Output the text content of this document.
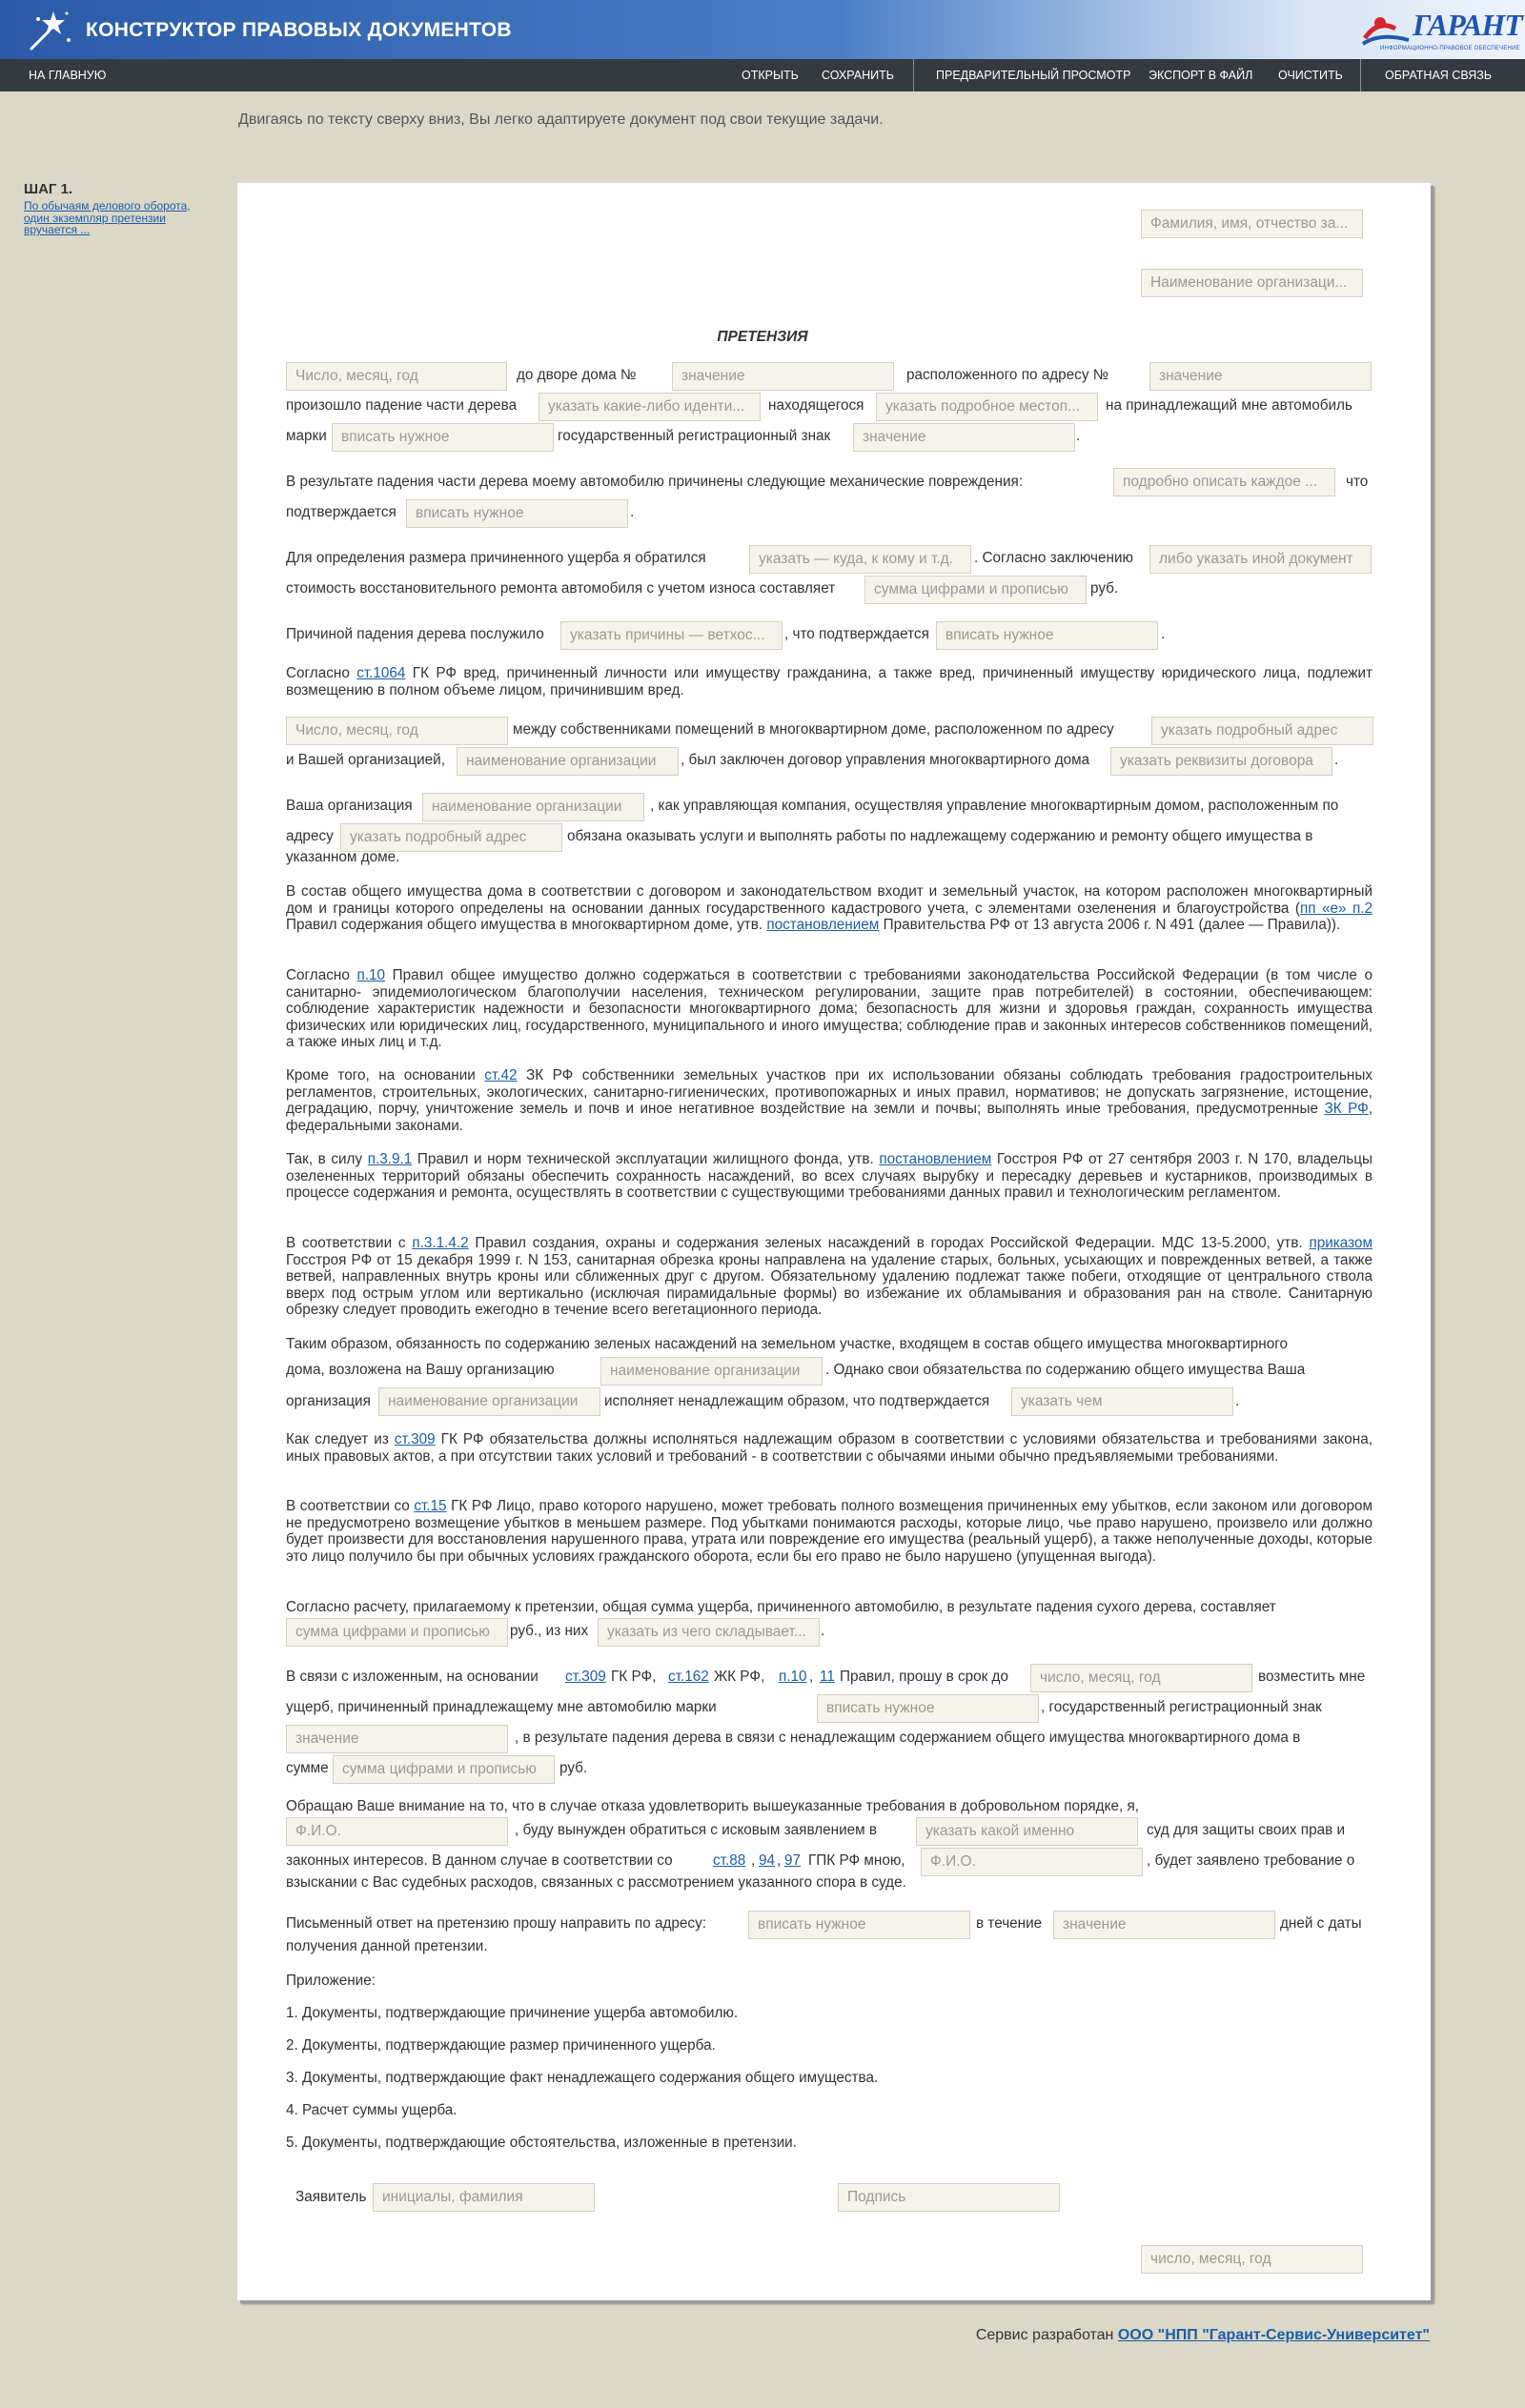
КОНСТРУКТОР ПРАВОВЫХ ДОКУМЕНТОВ	ГАРАНТ
ИНФОРМАЦИОННО-ПРАВОВОЕ ОБЕСПЕЧЕНИЕ
НА ГЛАВНУЮ	ОТКРЫТЬ СОХРАНИТЬ	ПРЕДВАРИТЕЛЬНЫЙ ПРОСМОТР ЭКСПОРТ В ФАЙЛ ОЧИСТИТЬ	ОБРАТНАЯ СВЯЗЬ
Двигаясь по тексту сверху вниз, Вы легко адаптируете документ под свои текущие задачи.
ШАГ 1.
По обычаям делового оборота, один экземпляр претензии вручается ...	Фамилия, имя, отчество за...
Наименование организаци...
ПРЕТЕНЗИЯ
Число, месяц, год	до дворе дома №	значение	расположенного по адресу №	значение
произошло падение части дерева	указать какие-либо иденти...	находящегося	указать подробное местоп...	на принадлежащий мне автомобиль
марки вписать нужное	государственный регистрационный знак	значение	.
В результате падения части дерева моему автомобилю причинены следующие механические повреждения:	подробно описать каждое ...	что
подтверждается	вписать нужное	.
Для определения размера причиненного ущерба я обратился	указать — куда, к кому и т.д.	. Согласно заключению	либо указать иной документ
стоимость восстановительного ремонта автомобиля с учетом износа составляет	сумма цифрами и прописью	руб.
Причиной падения дерева послужило	указать причины — ветхос...	, что подтверждается	вписать нужное	.
Согласно ст.1064 ГК РФ вред, причиненный личности или имуществу гражданина, а также вред, причиненный имуществу юридического лица, подлежит возмещению в полном объеме лицом, причинившим вред.
Число, месяц, год	между собственниками помещений в многоквартирном доме, расположенном по адресу	указать подробный адрес
и Вашей организацией,	наименование организации	, был заключен договор управления многоквартирного дома	указать реквизиты договора	.
Ваша организация	наименование организации	, как управляющая компания, осуществляя управление многоквартирным домом, расположенным по
адресу	указать подробный адрес	обязана оказывать услуги и выполнять работы по надлежащему содержанию и ремонту общего имущества в
указанном доме.
В состав общего имущества дома в соответствии с договором и законодательством входит и земельный участок, на котором расположен многоквартирный дом и границы которого определены на основании данных государственного кадастрового учета, с элементами озеленения и благоустройства (пп «е» п.2 Правил содержания общего имущества в многоквартирном доме, утв. постановлением Правительства РФ от 13 августа 2006 г. N 491 (далее — Правила)).
Согласно п.10 Правил общее имущество должно содержаться в соответствии с требованиями законодательства Российской Федерации (в том числе о санитарно- эпидемиологическом благополучии населения, техническом регулировании, защите прав потребителей) в состоянии, обеспечивающем: соблюдение характеристик надежности и безопасности многоквартирного дома; безопасность для жизни и здоровья граждан, сохранность имущества физических или юридических лиц, государственного, муниципального и иного имущества; соблюдение прав и законных интересов собственников помещений, а также иных лиц и т.д.
Кроме того, на основании ст.42 ЗК РФ собственники земельных участков при их использовании обязаны соблюдать требования градостроительных регламентов, строительных, экологических, санитарно-гигиенических, противопожарных и иных правил, нормативов; не допускать загрязнение, истощение, деградацию, порчу, уничтожение земель и почв и иное негативное воздействие на земли и почвы; выполнять иные требования, предусмотренные ЗК РФ, федеральными законами.
Так, в силу п.3.9.1 Правил и норм технической эксплуатации жилищного фонда, утв. постановлением Госстроя РФ от 27 сентября 2003 г. N 170, владельцы озелененных территорий обязаны обеспечить сохранность насаждений, во всех случаях вырубку и пересадку деревьев и кустарников, производимых в процессе содержания и ремонта, осуществлять в соответствии с существующими требованиями данных правил и технологическим регламентом.
В соответствии с п.3.1.4.2 Правил создания, охраны и содержания зеленых насаждений в городах Российской Федерации. МДС 13-5.2000, утв. приказом Госстроя РФ от 15 декабря 1999 г. N 153, санитарная обрезка кроны направлена на удаление старых, больных, усыхающих и поврежденных ветвей, а также ветвей, направленных внутрь кроны или сближенных друг с другом. Обязательному удалению подлежат также побеги, отходящие от центрального ствола вверх под острым углом или вертикально (исключая пирамидальные формы) во избежание их обламывания и образования ран на стволе. Санитарную обрезку следует проводить ежегодно в течение всего вегетационного периода.
Таким образом, обязанность по содержанию зеленых насаждений на земельном участке, входящем в состав общего имущества многоквартирного
дома, возложена на Вашу организацию	наименование организации	. Однако свои обязательства по содержанию общего имущества Ваша
организация	наименование организации	исполняет ненадлежащим образом, что подтверждается	указать чем	.
Как следует из ст.309 ГК РФ обязательства должны исполняться надлежащим образом в соответствии с условиями обязательства и требованиями закона, иных правовых актов, а при отсутствии таких условий и требований - в соответствии с обычаями иными обычно предъявляемыми требованиями.
В соответствии со ст.15 ГК РФ Лицо, право которого нарушено, может требовать полного возмещения причиненных ему убытков, если законом или договором не предусмотрено возмещение убытков в меньшем размере. Под убытками понимаются расходы, которые лицо, чье право нарушено, произвело или должно будет произвести для восстановления нарушенного права, утрата или повреждение его имущества (реальный ущерб), а также неполученные доходы, которые это лицо получило бы при обычных условиях гражданского оборота, если бы его право не было нарушено (упущенная выгода).
Согласно расчету, прилагаемому к претензии, общая сумма ущерба, причиненного автомобилю, в результате падения сухого дерева, составляет
сумма цифрами и прописью	руб., из них	указать из чего складывает... .
В связи с изложенным, на основании ст.309 ГК РФ, ст.162 ЖК РФ, п.10 , 11 Правил, прошу в срок до	число, месяц, год	возместить мне
ущерб, причиненный принадлежащему мне автомобилю марки	вписать нужное	, государственный регистрационный знак
значение	, в результате падения дерева в связи с ненадлежащим содержанием общего имущества многоквартирного дома в
сумме сумма цифрами и прописью	руб.
Обращаю Ваше внимание на то, что в случае отказа удовлетворить вышеуказанные требования в добровольном порядке, я,
Ф.И.О.	, буду вынужден обратиться с исковым заявлением в	указать какой именно	суд для защиты своих прав и
законных интересов. В данном случае в соответствии со	ст.88 , 94 , 97 ГПК РФ мною,	Ф.И.О.	, будет заявлено требование о
взыскании с Вас судебных расходов, связанных с рассмотрением указанного спора в суде.
Письменный ответ на претензию прошу направить по адресу:	вписать нужное	в течение	значение	дней с даты
получения данной претензии.
Приложение:
1. Документы, подтверждающие причинение ущерба автомобилю.
2. Документы, подтверждающие размер причиненного ущерба.
3. Документы, подтверждающие факт ненадлежащего содержания общего имущества.
4. Расчет суммы ущерба.
5. Документы, подтверждающие обстоятельства, изложенные в претензии.
Заявитель	инициалы, фамилия	Подпись
число, месяц, год
Сервис разработан ООО "НПП "Гарант-Сервис-Университет"
